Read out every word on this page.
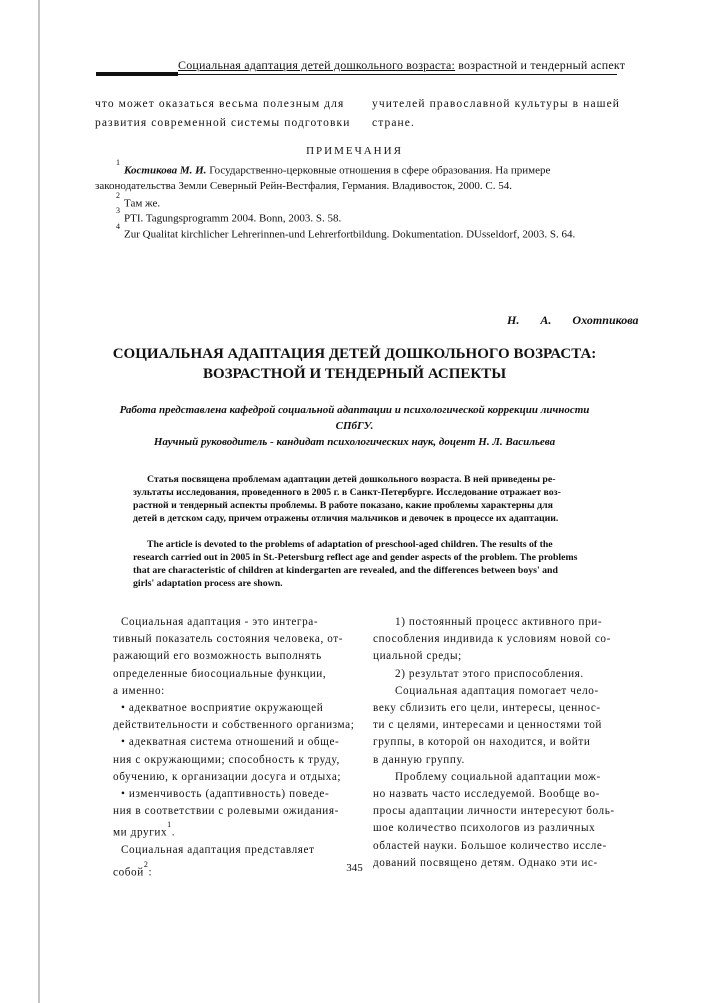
Социальная адаптация детей дошкольного возраста: возрастной и тендерный аспект
что может оказаться весьма полезным для
развития современной системы подготовки
учителей православной культуры в нашей
стране.
ПРИМЕЧАНИЯ
$^1$Костикова М. И. Государственно-церковные отношения в сфере образования. На примере
законодательства Земли Северный Рейн-Вестфалия, Германия. Владивосток, 2000. С. 54.
$^2$Там же.
$^3$PTI. Tagungsprogramm 2004. Bonn, 2003. S. 58.
$^4$Zur Qualitat kirchlicher Lehrerinnen-und Lehrerfortbildung. Dokumentation. DUsseldorf, 2003. S. 64.
Н. А. Охотпикова
СОЦИАЛЬНАЯ АДАПТАЦИЯ ДЕТЕЙ ДОШКОЛЬНОГО ВОЗРАСТА:
ВОЗРАСТНОЙ И ТЕНДЕРНЫЙ АСПЕКТЫ
Работа представлена кафедрой социальной адаптации и психологической коррекции личности
СПбГУ.
Научный руководитель - кандидат психологических наук, доцент Н. Л. Васильева
Статья посвящена проблемам адаптации детей дошкольного возраста. В ней приведены ре-
зультаты исследования, проведенного в 2005 г. в Санкт-Петербурге. Исследование отражает воз-
растной и тендерный аспекты проблемы. В работе показано, какие проблемы характерны для
детей в детском саду, причем отражены отличия мальчиков и девочек в процессе их адаптации.
The article is devoted to the problems of adaptation of preschool-aged children. The results of the
research carried out in 2005 in St.-Petersburg reflect age and gender aspects of the problem. The problems
that are characteristic of children at kindergarten are revealed, and the differences between boys' and
girls' adaptation process are shown.
Социальная адаптация - это интегра-
тивный показатель состояния человека, от-
ражающий его возможность выполнять
определенные биосоциальные функции,
а именно:
• адекватное восприятие окружающей
действительности и собственного организма;
• адекватная система отношений и обще-
ния с окружающими; способность к труду,
обучению, к организации досуга и отдыха;
• изменчивость (адаптивность) поведе-
ния в соответствии с ролевыми ожидания-
ми других$^1$.
Социальная адаптация представляет
собой$^2$:
1) постоянный процесс активного при-
способления индивида к условиям новой со-
циальной среды;
2) результат этого приспособления.
Социальная адаптация помогает чело-
веку сблизить его цели, интересы, ценнос-
ти с целями, интересами и ценностями той
группы, в которой он находится, и войти
в данную группу.
Проблему социальной адаптации мож-
но назвать часто исследуемой. Вообще во-
просы адаптации личности интересуют боль-
шое количество психологов из различных
областей науки. Большое количество иссле-
дований посвящено детям. Однако эти ис-
345
